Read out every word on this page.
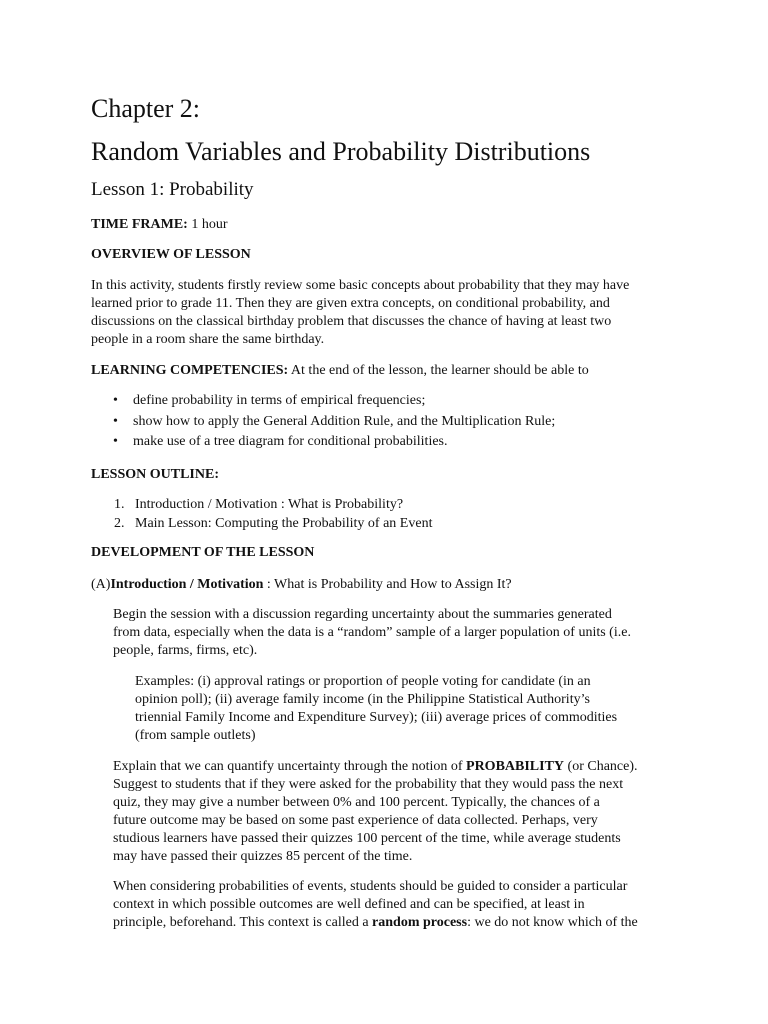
Chapter 2:
Random Variables and Probability Distributions
Lesson 1: Probability

TIME FRAME: 1 hour

OVERVIEW OF LESSON

In this activity, students firstly review some basic concepts about probability that they may have
learned prior to grade 11. Then they are given extra concepts, on conditional probability, and
discussions on the classical birthday problem that discusses the chance of having at least two
people in a room share the same birthday.

LEARNING COMPETENCIES: At the end of the lesson, the learner should be able to

• define probability in terms of empirical frequencies;
• show how to apply the General Addition Rule, and the Multiplication Rule;
• make use of a tree diagram for conditional probabilities.

LESSON OUTLINE:

1. Introduction / Motivation : What is Probability?
2. Main Lesson: Computing the Probability of an Event

DEVELOPMENT OF THE LESSON

(A)Introduction / Motivation : What is Probability and How to Assign It?

Begin the session with a discussion regarding uncertainty about the summaries generated
from data, especially when the data is a “random” sample of a larger population of units (i.e.
people, farms, firms, etc).
Examples: (i) approval ratings or proportion of people voting for candidate (in an
opinion poll); (ii) average family income (in the Philippine Statistical Authority’s
triennial Family Income and Expenditure Survey); (iii) average prices of commodities
(from sample outlets)
Explain that we can quantify uncertainty through the notion of PROBABILITY (or Chance).
Suggest to students that if they were asked for the probability that they would pass the next
quiz, they may give a number between 0% and 100 percent. Typically, the chances of a
future outcome may be based on some past experience of data collected. Perhaps, very
studious learners have passed their quizzes 100 percent of the time, while average students
may have passed their quizzes 85 percent of the time.
When considering probabilities of events, students should be guided to consider a particular
context in which possible outcomes are well defined and can be specified, at least in
principle, beforehand. This context is called a random process: we do not know which of the
